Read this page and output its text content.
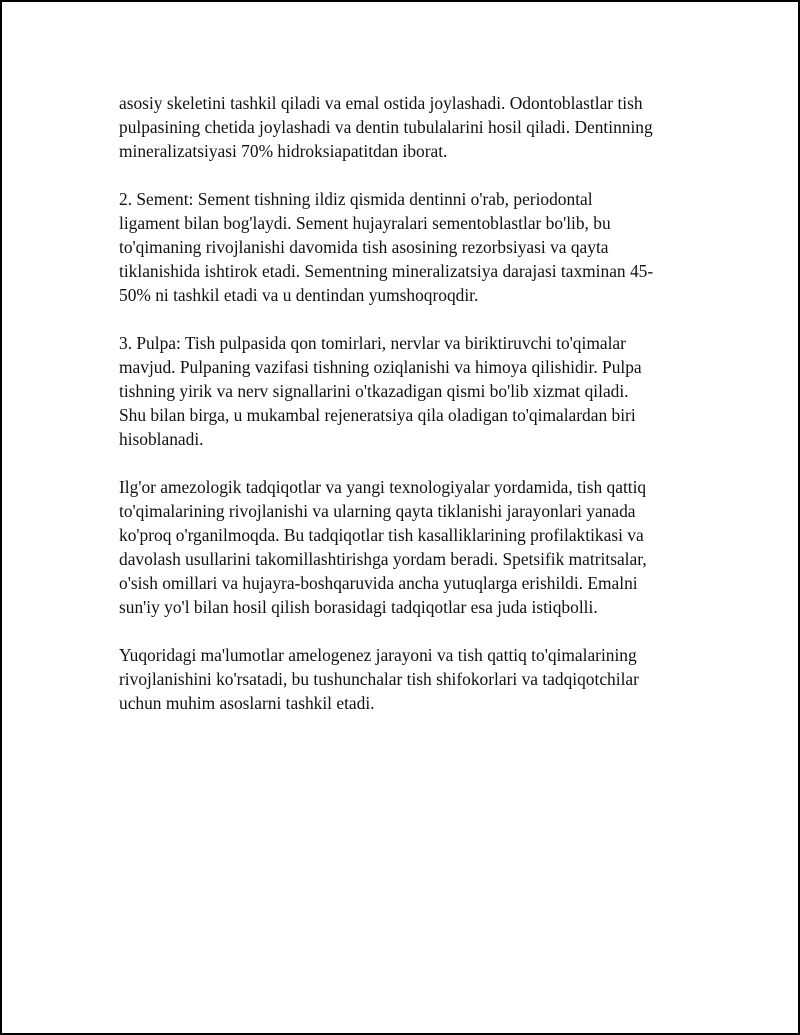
asosiy skeletini tashkil qiladi va emal ostida joylashadi. Odontoblastlar tish
pulpasining chetida joylashadi va dentin tubulalarini hosil qiladi. Dentinning
mineralizatsiyasi 70% hidroksiapatitdan iborat.

2. Sement: Sement tishning ildiz qismida dentinni o'rab, periodontal
ligament bilan bog'laydi. Sement hujayralari sementoblastlar bo'lib, bu
to'qimaning rivojlanishi davomida tish asosining rezorbsiyasi va qayta
tiklanishida ishtirok etadi. Sementning mineralizatsiya darajasi taxminan 45-
50% ni tashkil etadi va u dentindan yumshoqroqdir.

3. Pulpa: Tish pulpasida qon tomirlari, nervlar va biriktiruvchi to'qimalar
mavjud. Pulpaning vazifasi tishning oziqlanishi va himoya qilishidir. Pulpa
tishning yirik va nerv signallarini o'tkazadigan qismi bo'lib xizmat qiladi.
Shu bilan birga, u mukambal rejeneratsiya qila oladigan to'qimalardan biri
hisoblanadi.

Ilg'or amezologik tadqiqotlar va yangi texnologiyalar yordamida, tish qattiq
to'qimalarining rivojlanishi va ularning qayta tiklanishi jarayonlari yanada
ko'proq o'rganilmoqda. Bu tadqiqotlar tish kasalliklarining profilaktikasi va
davolash usullarini takomillashtirishga yordam beradi. Spetsifik matritsalar,
o'sish omillari va hujayra-boshqaruvida ancha yutuqlarga erishildi. Emalni
sun'iy yo'l bilan hosil qilish borasidagi tadqiqotlar esa juda istiqbolli.

Yuqoridagi ma'lumotlar amelogenez jarayoni va tish qattiq to'qimalarining
rivojlanishini ko'rsatadi, bu tushunchalar tish shifokorlari va tadqiqotchilar
uchun muhim asoslarni tashkil etadi.
